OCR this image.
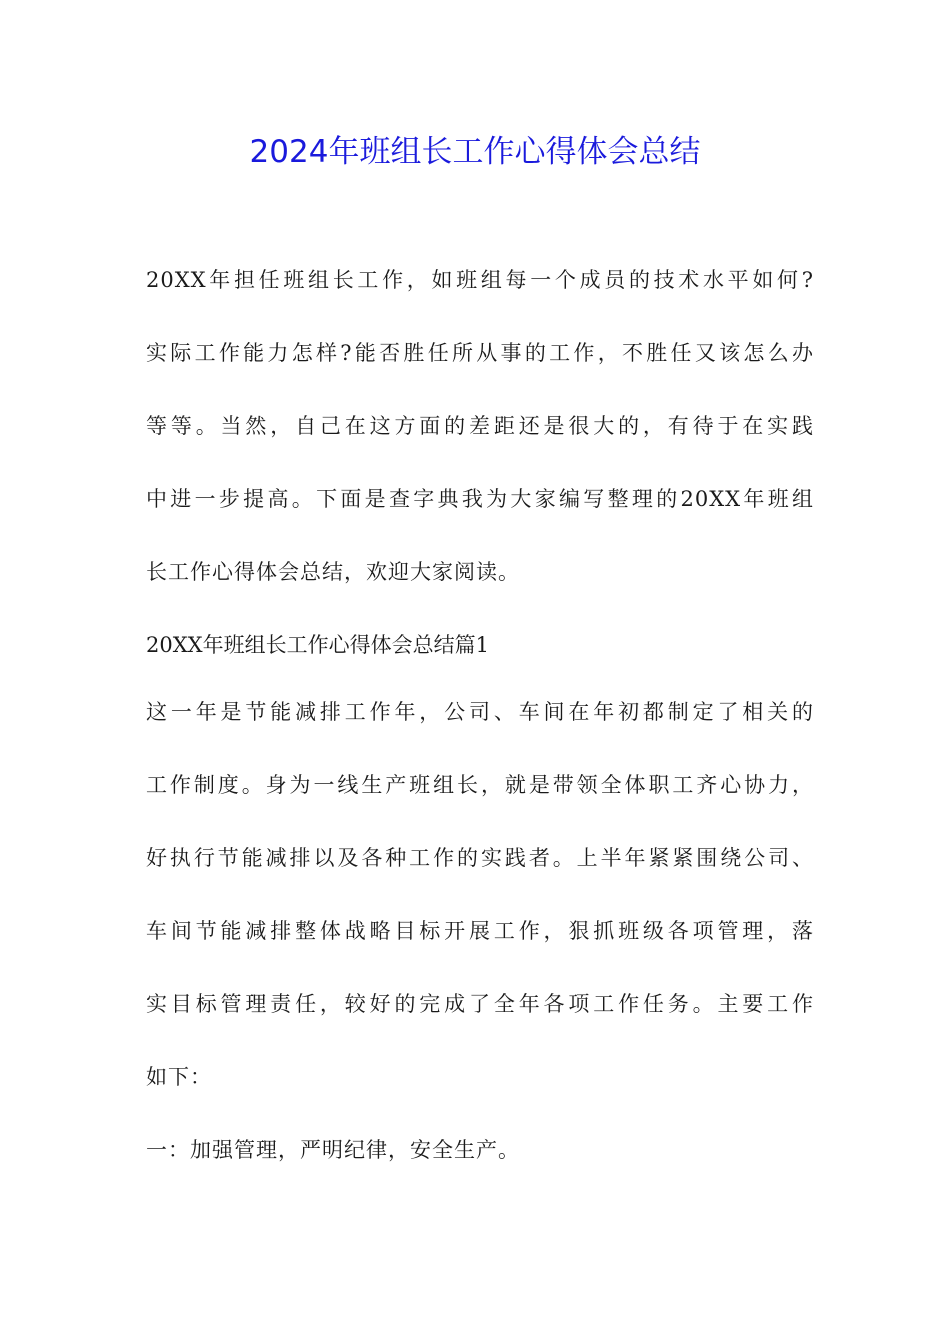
2024年班组长工作心得体会总结
20XX年担任班组长工作，如班组每一个成员的技术水平如何?
实际工作能力怎样?能否胜任所从事的工作，不胜任又该怎么办
等等。当然，自己在这方面的差距还是很大的，有待于在实践
中进一步提高。下面是查字典我为大家编写整理的20XX年班组
长工作心得体会总结，欢迎大家阅读。
20XX年班组长工作心得体会总结篇1
这一年是节能减排工作年，公司、车间在年初都制定了相关的
工作制度。身为一线生产班组长，就是带领全体职工齐心协力，
好执行节能减排以及各种工作的实践者。上半年紧紧围绕公司、
车间节能减排整体战略目标开展工作，狠抓班级各项管理，落
实目标管理责任，较好的完成了全年各项工作任务。主要工作
如下：
一：加强管理，严明纪律，安全生产。
